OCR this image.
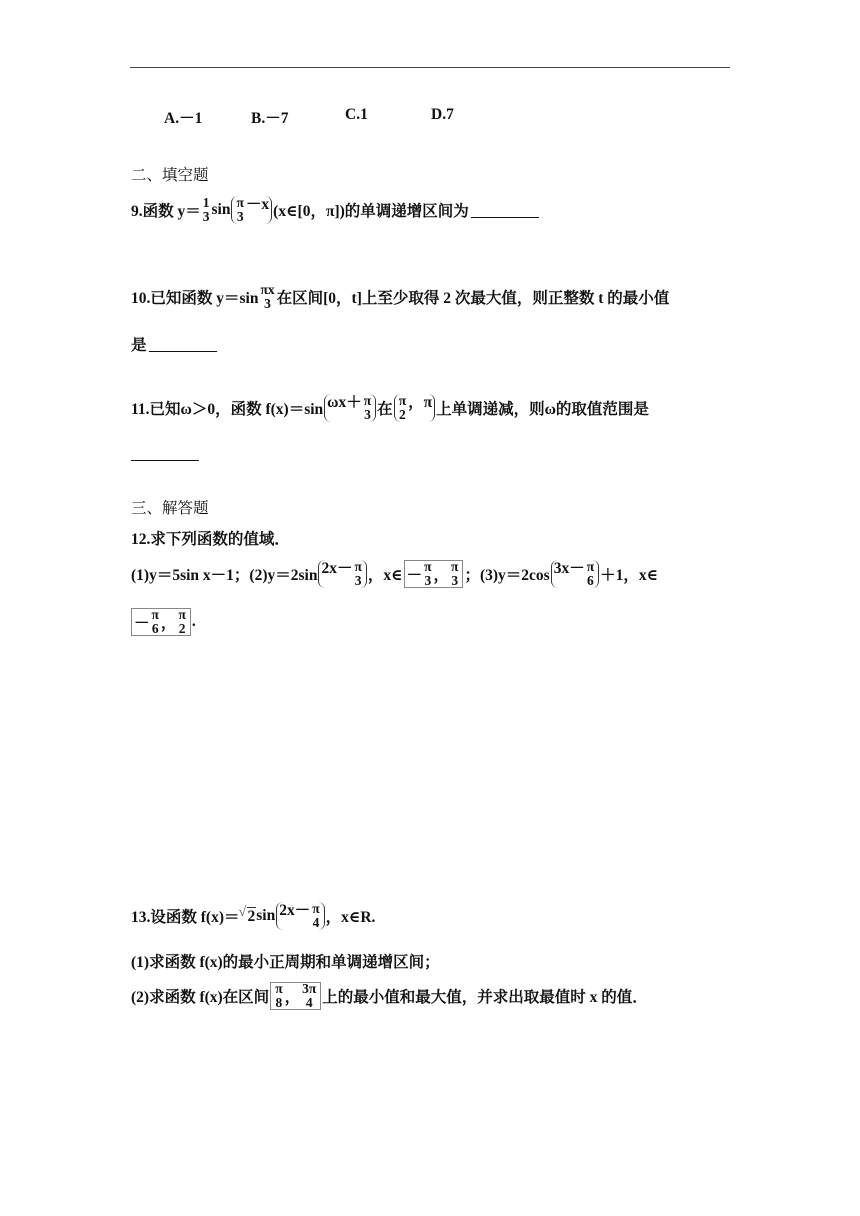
A.－1	B.－7	C.1	D.7
二、填空题
9.函数 y＝
1
3 sin π
3
－x (x∈[0，π])的单调递增区间为
10.已知函数 y＝sin
πx
3 在区间[0，t]上至少取得 2 次最大值，则正整数 t 的最小值
是
11.已知ω＞0，函数 f(x)＝sin ωx＋ π
3 在
π
2
，π 上单调递减，则ω的取值范围是
三、解答题
12.求下列函数的值域．
(1)y＝5sin x－1；(2)y＝2sin 2x－ π
3 ，x∈ －
π
3 ，
π
3 ；(3)y＝2cos 3x－ π
6 ＋1，x∈
－
π
6 ，
π
2 .
13.设函数 f(x)＝
√ 2 sin 2x－ π
4 ，x∈R.
(1)求函数 f(x)的最小正周期和单调递增区间；
(2)求函数 f(x)在区间
π
8 ，
3π
4 上的最小值和最大值，并求出取最值时 x 的值．
